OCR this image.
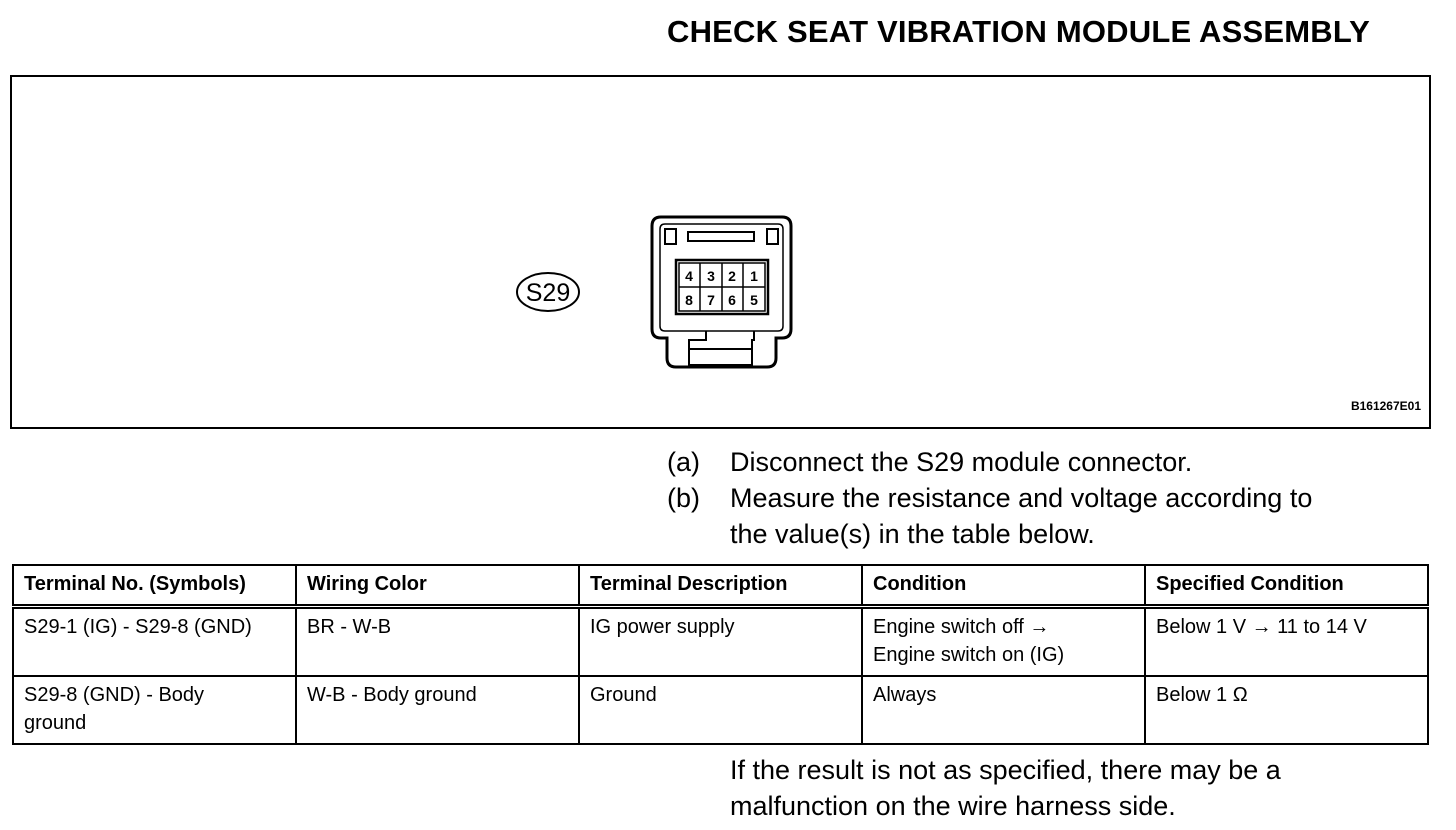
CHECK SEAT VIBRATION MODULE ASSEMBLY
S29
4 3 2 1
8 7 6 5
B161267E01
(a) Disconnect the S29 module connector.
(b) Measure the resistance and voltage according to
the value(s) in the table below.
Terminal No. (Symbols)	Wiring Color	Terminal Description	Condition	Specified Condition

S29-1 (IG) - S29-8 (GND)	BR - W-B	IG power supply	Engine switch off →
Engine switch on (IG)	Below 1 V → 11 to 14 V

S29-8 (GND) - Body
ground	W-B - Body ground	Ground	Always	Below 1 Ω
If the result is not as specified, there may be a
malfunction on the wire harness side.
